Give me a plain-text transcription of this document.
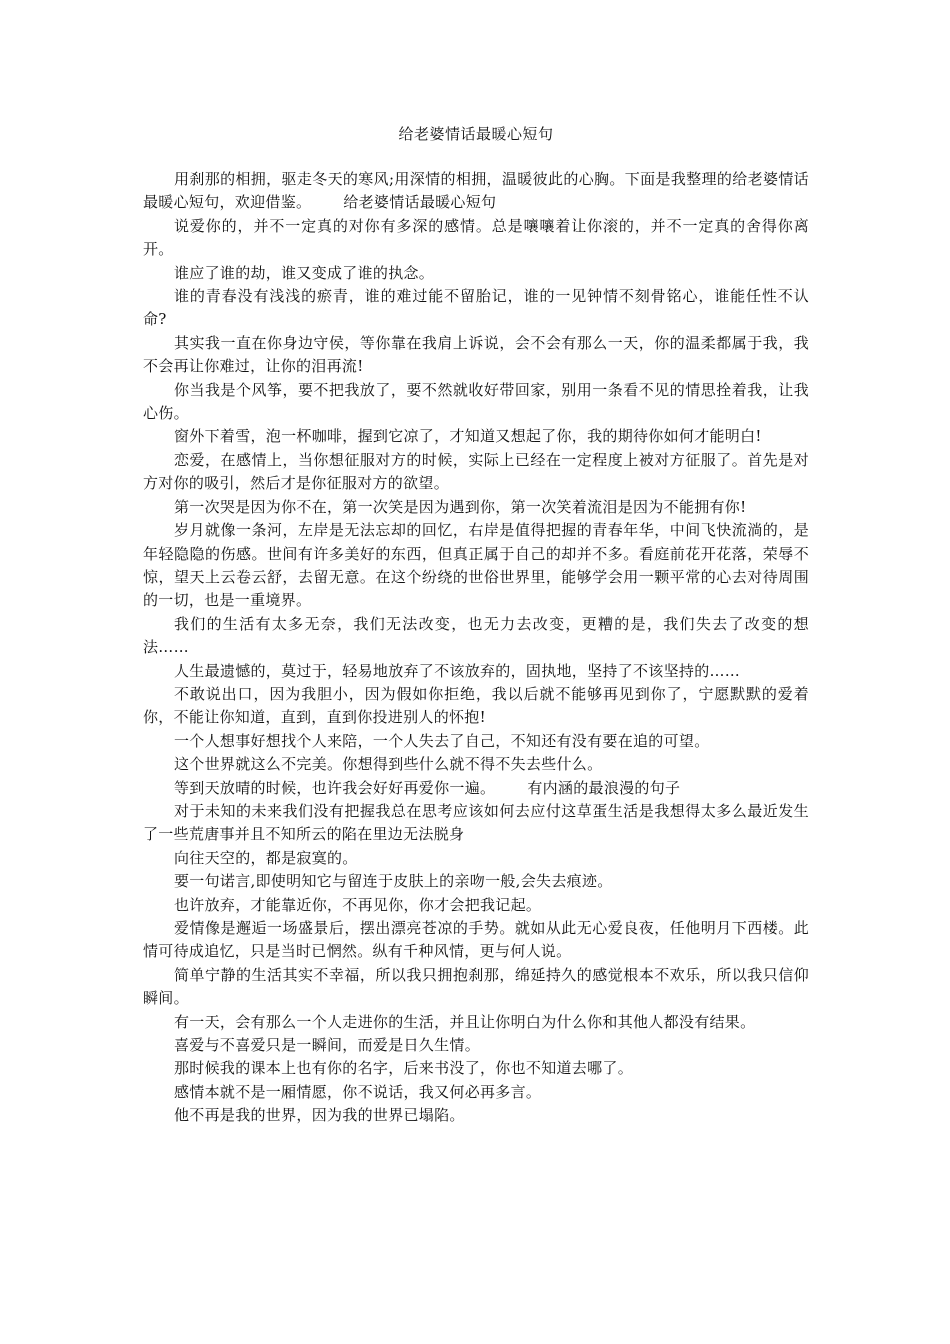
给老婆情话最暖心短句

用刹那的相拥，驱走冬天的寒风;用深情的相拥，温暖彼此的心胸。下面是我整理的给老婆情话最暖心短句，欢迎借鉴。 给老婆情话最暖心短句

说爱你的，并不一定真的对你有多深的感情。总是嚷嚷着让你滚的，并不一定真的舍得你离开。

谁应了谁的劫，谁又变成了谁的执念。

谁的青春没有浅浅的瘀青，谁的难过能不留胎记，谁的一见钟情不刻骨铭心，谁能任性不认命?

其实我一直在你身边守侯，等你靠在我肩上诉说，会不会有那么一天，你的温柔都属于我，我不会再让你难过，让你的泪再流!

你当我是个风筝，要不把我放了，要不然就收好带回家，别用一条看不见的情思拴着我，让我心伤。

窗外下着雪，泡一杯咖啡，握到它凉了，才知道又想起了你，我的期待你如何才能明白!

恋爱，在感情上，当你想征服对方的时候，实际上已经在一定程度上被对方征服了。首先是对方对你的吸引，然后才是你征服对方的欲望。

第一次哭是因为你不在，第一次笑是因为遇到你，第一次笑着流泪是因为不能拥有你!

岁月就像一条河，左岸是无法忘却的回忆，右岸是值得把握的青春年华，中间飞快流淌的，是年轻隐隐的伤感。世间有许多美好的东西，但真正属于自己的却并不多。看庭前花开花落，荣辱不惊，望天上云卷云舒，去留无意。在这个纷绕的世俗世界里，能够学会用一颗平常的心去对待周围的一切，也是一重境界。

我们的生活有太多无奈，我们无法改变，也无力去改变，更糟的是，我们失去了改变的想法……

人生最遗憾的，莫过于，轻易地放弃了不该放弃的，固执地，坚持了不该坚持的……

不敢说出口，因为我胆小，因为假如你拒绝，我以后就不能够再见到你了，宁愿默默的爱着你，不能让你知道，直到，直到你投进别人的怀抱!

一个人想事好想找个人来陪，一个人失去了自己，不知还有没有要在追的可望。

这个世界就这么不完美。你想得到些什么就不得不失去些什么。

等到天放晴的时候，也许我会好好再爱你一遍。 有内涵的最浪漫的句子

对于未知的未来我们没有把握我总在思考应该如何去应付这草蛋生活是我想得太多么最近发生了一些荒唐事并且不知所云的陷在里边无法脱身

向往天空的，都是寂寞的。

要一句诺言,即使明知它与留连于皮肤上的亲吻一般,会失去痕迹。

也许放弃，才能靠近你，不再见你，你才会把我记起。

爱情像是邂逅一场盛景后，摆出漂亮苍凉的手势。就如从此无心爱良夜，任他明月下西楼。此情可待成追忆，只是当时已惘然。纵有千种风情，更与何人说。

简单宁静的生活其实不幸福，所以我只拥抱刹那，绵延持久的感觉根本不欢乐，所以我只信仰瞬间。

有一天，会有那么一个人走进你的生活，并且让你明白为什么你和其他人都没有结果。

喜爱与不喜爱只是一瞬间，而爱是日久生情。

那时候我的课本上也有你的名字，后来书没了，你也不知道去哪了。

感情本就不是一厢情愿，你不说话，我又何必再多言。

他不再是我的世界，因为我的世界已塌陷。
